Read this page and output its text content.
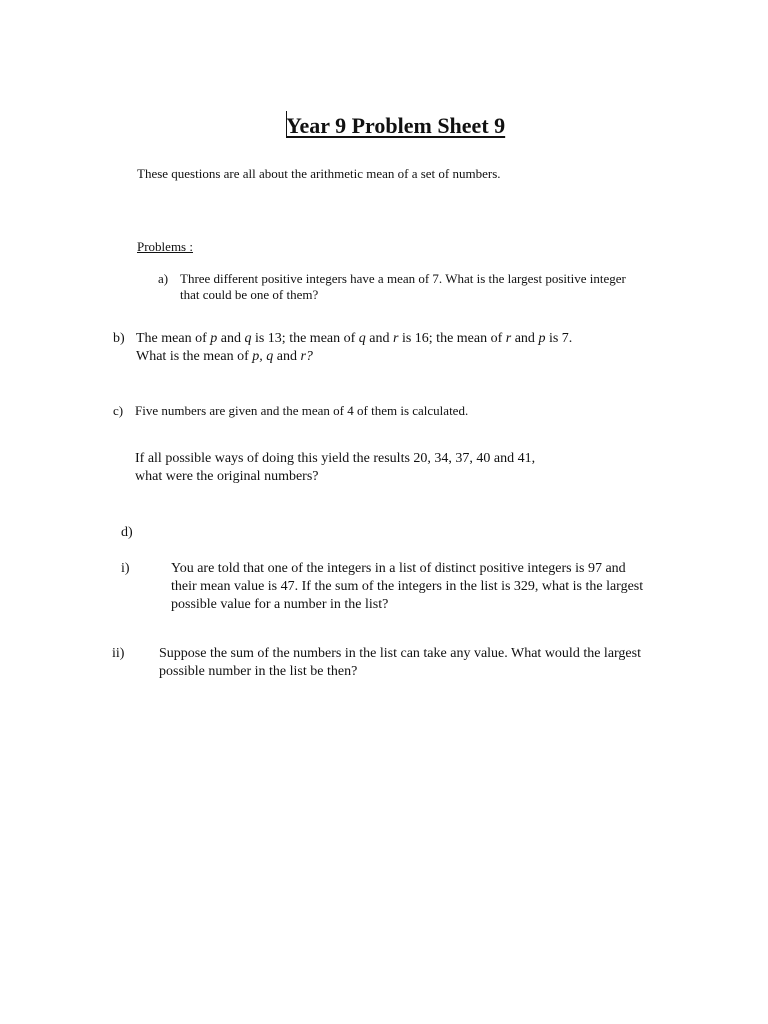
Year 9 Problem Sheet 9
These questions are all about the arithmetic mean of a set of numbers.
Problems :
a) Three different positive integers have a mean of 7. What is the largest positive integer
that could be one of them?
b) The mean of p and q is 13; the mean of q and r is 16; the mean of r and p is 7.
What is the mean of p, q and r?
c) Five numbers are given and the mean of 4 of them is calculated.
If all possible ways of doing this yield the results 20, 34, 37, 40 and 41,
what were the original numbers?
d)
i)	You are told that one of the integers in a list of distinct positive integers is 97 and
their mean value is 47. If the sum of the integers in the list is 329, what is the largest
possible value for a number in the list?
ii) Suppose the sum of the numbers in the list can take any value. What would the largest
possible number in the list be then?
